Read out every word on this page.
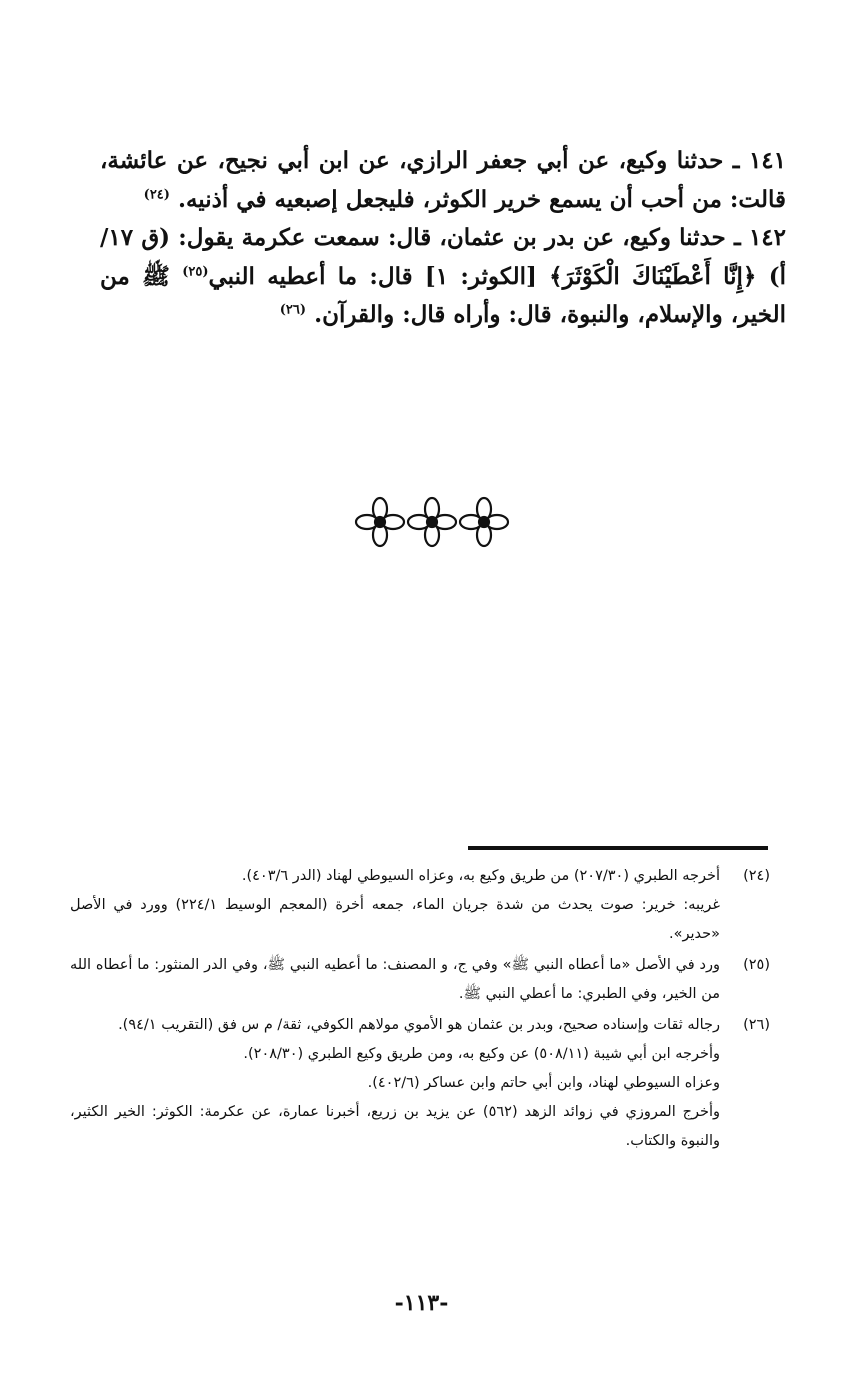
١٤١ ـ حدثنا وكيع، عن أبي جعفر الرازي، عن ابن أبي نجيح، عن عائشة، قالت: من أحب أن يسمع خرير الكوثر، فليجعل إصبعيه في أذنيه. $^{(٢٤)}$

١٤٢ ـ حدثنا وكيع، عن بدر بن عثمان، قال: سمعت عكرمة يقول: (ق ١٧/أ) ﴿إِنَّا أَعْطَيْنَاكَ الْكَوْثَرَ﴾ [الكوثر: ١] قال: ما أعطيه النبي$^{(٢٥)}$ ﷺ من الخير، والإسلام، والنبوة، قال: وأراه قال: والقرآن. $^{(٢٦)}$

(٢٤)

أخرجه الطبري (٢٠٧/٣٠) من طريق وكيع به، وعزاه السيوطي لهناد (الدر ٤٠٣/٦).

غريبه: خرير: صوت يحدث من شدة جريان الماء، جمعه أخرة (المعجم الوسيط ٢٢٤/١) وورد في الأصل «حدير».

(٢٥)

ورد في الأصل «ما أعطاه النبي ﷺ» وفي ج، و المصنف: ما أعطيه النبي ﷺ، وفي الدر المنثور: ما أعطاه الله من الخير، وفي الطبري: ما أعطي النبي ﷺ.

(٢٦)

رجاله ثقات وإسناده صحيح، وبدر بن عثمان هو الأموي مولاهم الكوفي، ثقة/ م س فق (التقريب ٩٤/١).

وأخرجه ابن أبي شيبة (٥٠٨/١١) عن وكيع به، ومن طريق وكيع الطبري (٢٠٨/٣٠).

وعزاه السيوطي لهناد، وابن أبي حاتم وابن عساكر (٤٠٢/٦).

وأخرج المروزي في زوائد الزهد (٥٦٢) عن يزيد بن زريع، أخبرنا عمارة، عن عكرمة: الكوثر: الخير الكثير، والنبوة والكتاب.

-١١٣-
